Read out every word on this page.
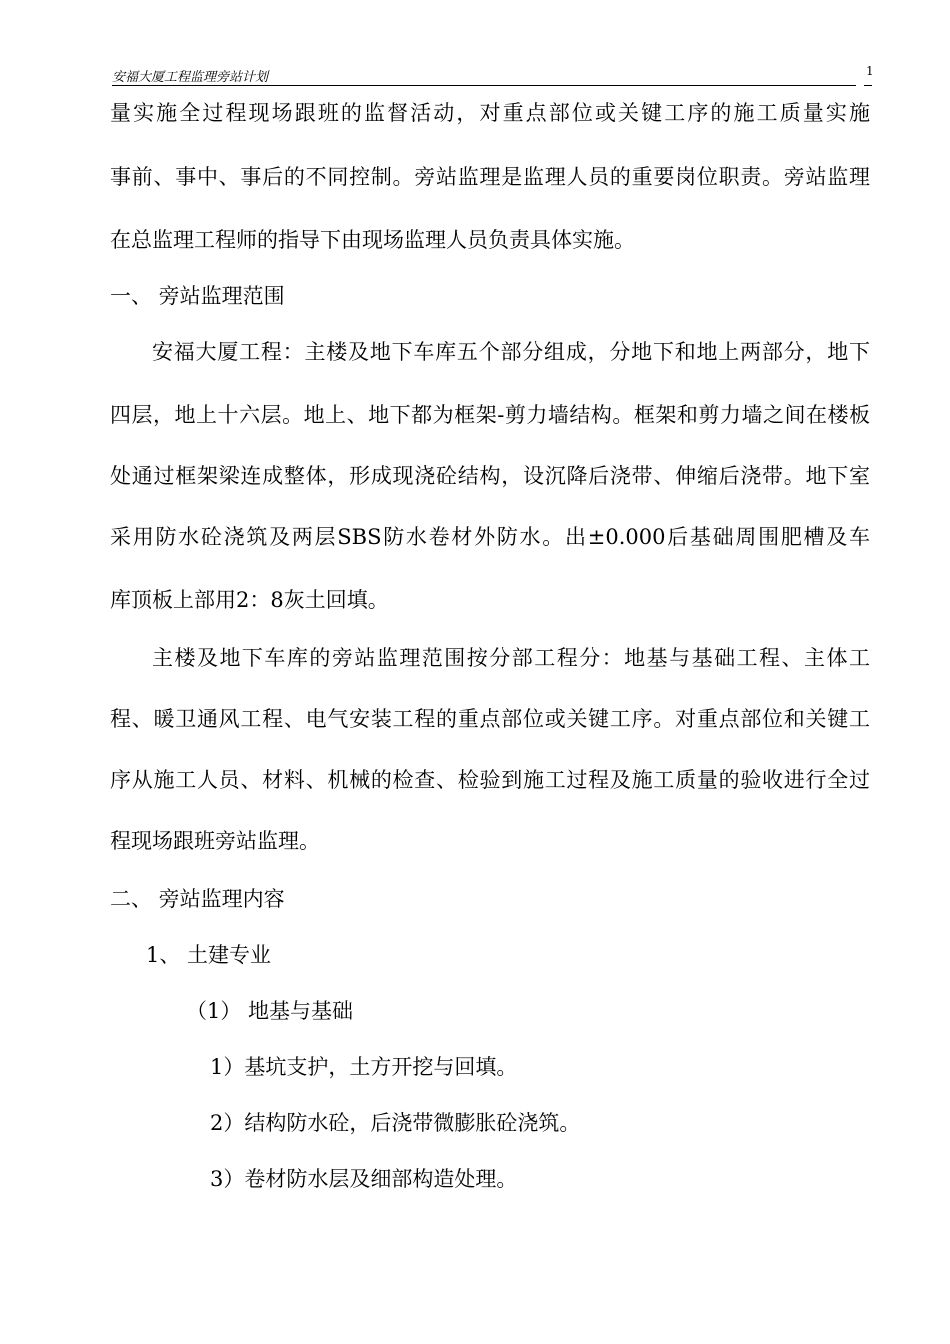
安福大厦工程监理旁站计划	1
量实施全过程现场跟班的监督活动，对重点部位或关键工序的施工质量实施
事前、事中、事后的不同控制。旁站监理是监理人员的重要岗位职责。旁站监理
在总监理工程师的指导下由现场监理人员负责具体实施。
一、 旁站监理范围
安福大厦工程：主楼及地下车库五个部分组成，分地下和地上两部分，地下
四层，地上十六层。地上、地下都为框架-剪力墙结构。框架和剪力墙之间在楼板
处通过框架梁连成整体，形成现浇砼结构，设沉降后浇带、伸缩后浇带。地下室
采用防水砼浇筑及两层SBS防水卷材外防水。出±0.000后基础周围肥槽及车
库顶板上部用2：8灰土回填。
主楼及地下车库的旁站监理范围按分部工程分：地基与基础工程、主体工
程、暖卫通风工程、电气安装工程的重点部位或关键工序。对重点部位和关键工
序从施工人员、材料、机械的检查、检验到施工过程及施工质量的验收进行全过
程现场跟班旁站监理。
二、 旁站监理内容
1、 土建专业
（1） 地基与基础
1）基坑支护，土方开挖与回填。
2）结构防水砼，后浇带微膨胀砼浇筑。
3）卷材防水层及细部构造处理。
